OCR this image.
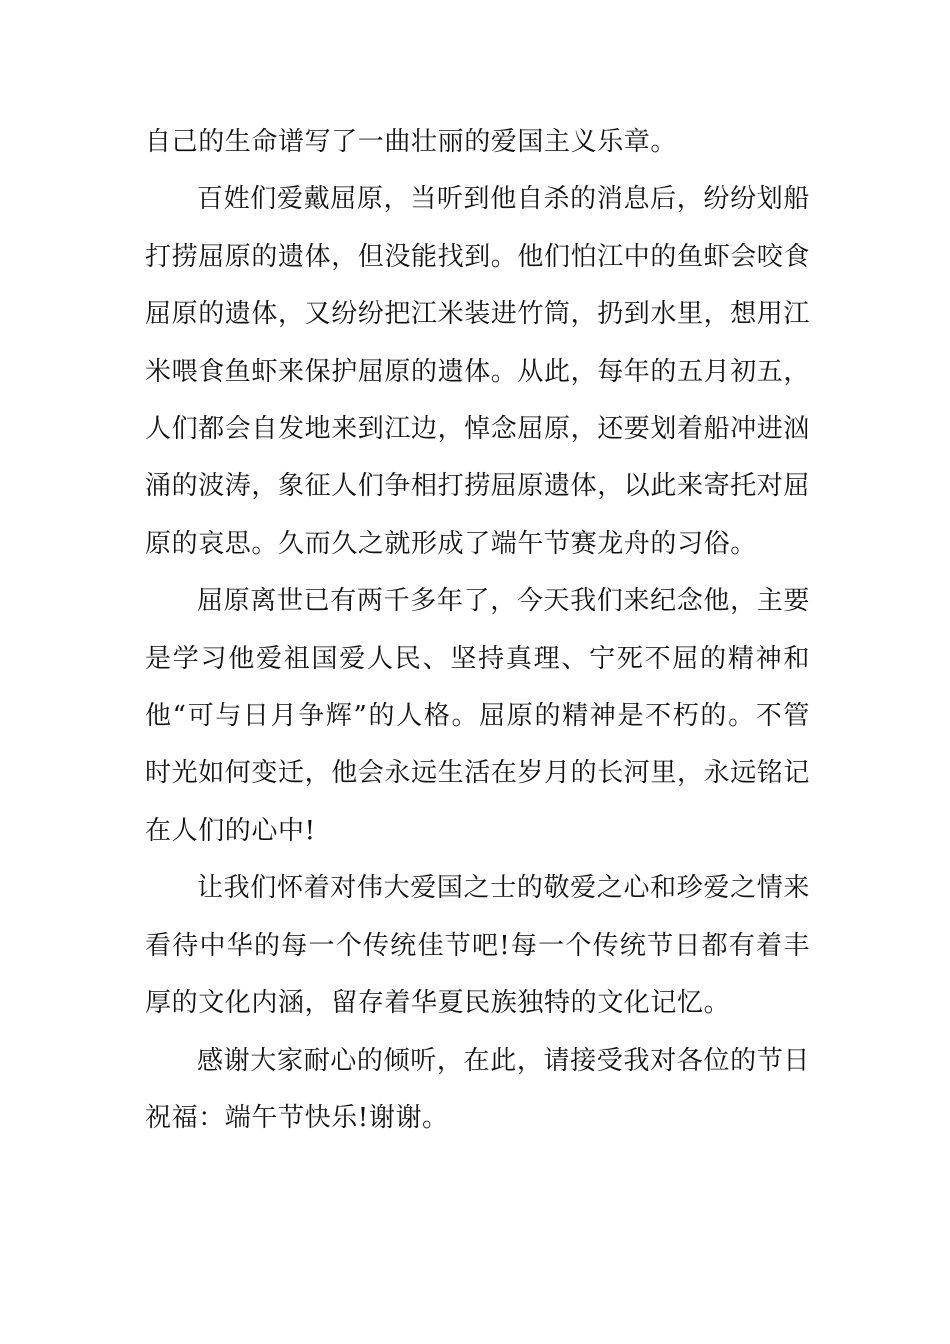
自己的生命谱写了一曲壮丽的爱国主义乐章。

百姓们爱戴屈原，当听到他自杀的消息后，纷纷划船打捞屈原的遗体，但没能找到。他们怕江中的鱼虾会咬食屈原的遗体，又纷纷把江米装进竹筒，扔到水里，想用江米喂食鱼虾来保护屈原的遗体。从此，每年的五月初五，人们都会自发地来到江边，悼念屈原，还要划着船冲进汹涌的波涛，象征人们争相打捞屈原遗体，以此来寄托对屈原的哀思。久而久之就形成了端午节赛龙舟的习俗。

屈原离世已有两千多年了，今天我们来纪念他，主要是学习他爱祖国爱人民、坚持真理、宁死不屈的精神和他“可与日月争辉”的人格。屈原的精神是不朽的。不管时光如何变迁，他会永远生活在岁月的长河里，永远铭记在人们的心中!

让我们怀着对伟大爱国之士的敬爱之心和珍爱之情来看待中华的每一个传统佳节吧!每一个传统节日都有着丰厚的文化内涵，留存着华夏民族独特的文化记忆。

感谢大家耐心的倾听，在此，请接受我对各位的节日祝福：端午节快乐!谢谢。
